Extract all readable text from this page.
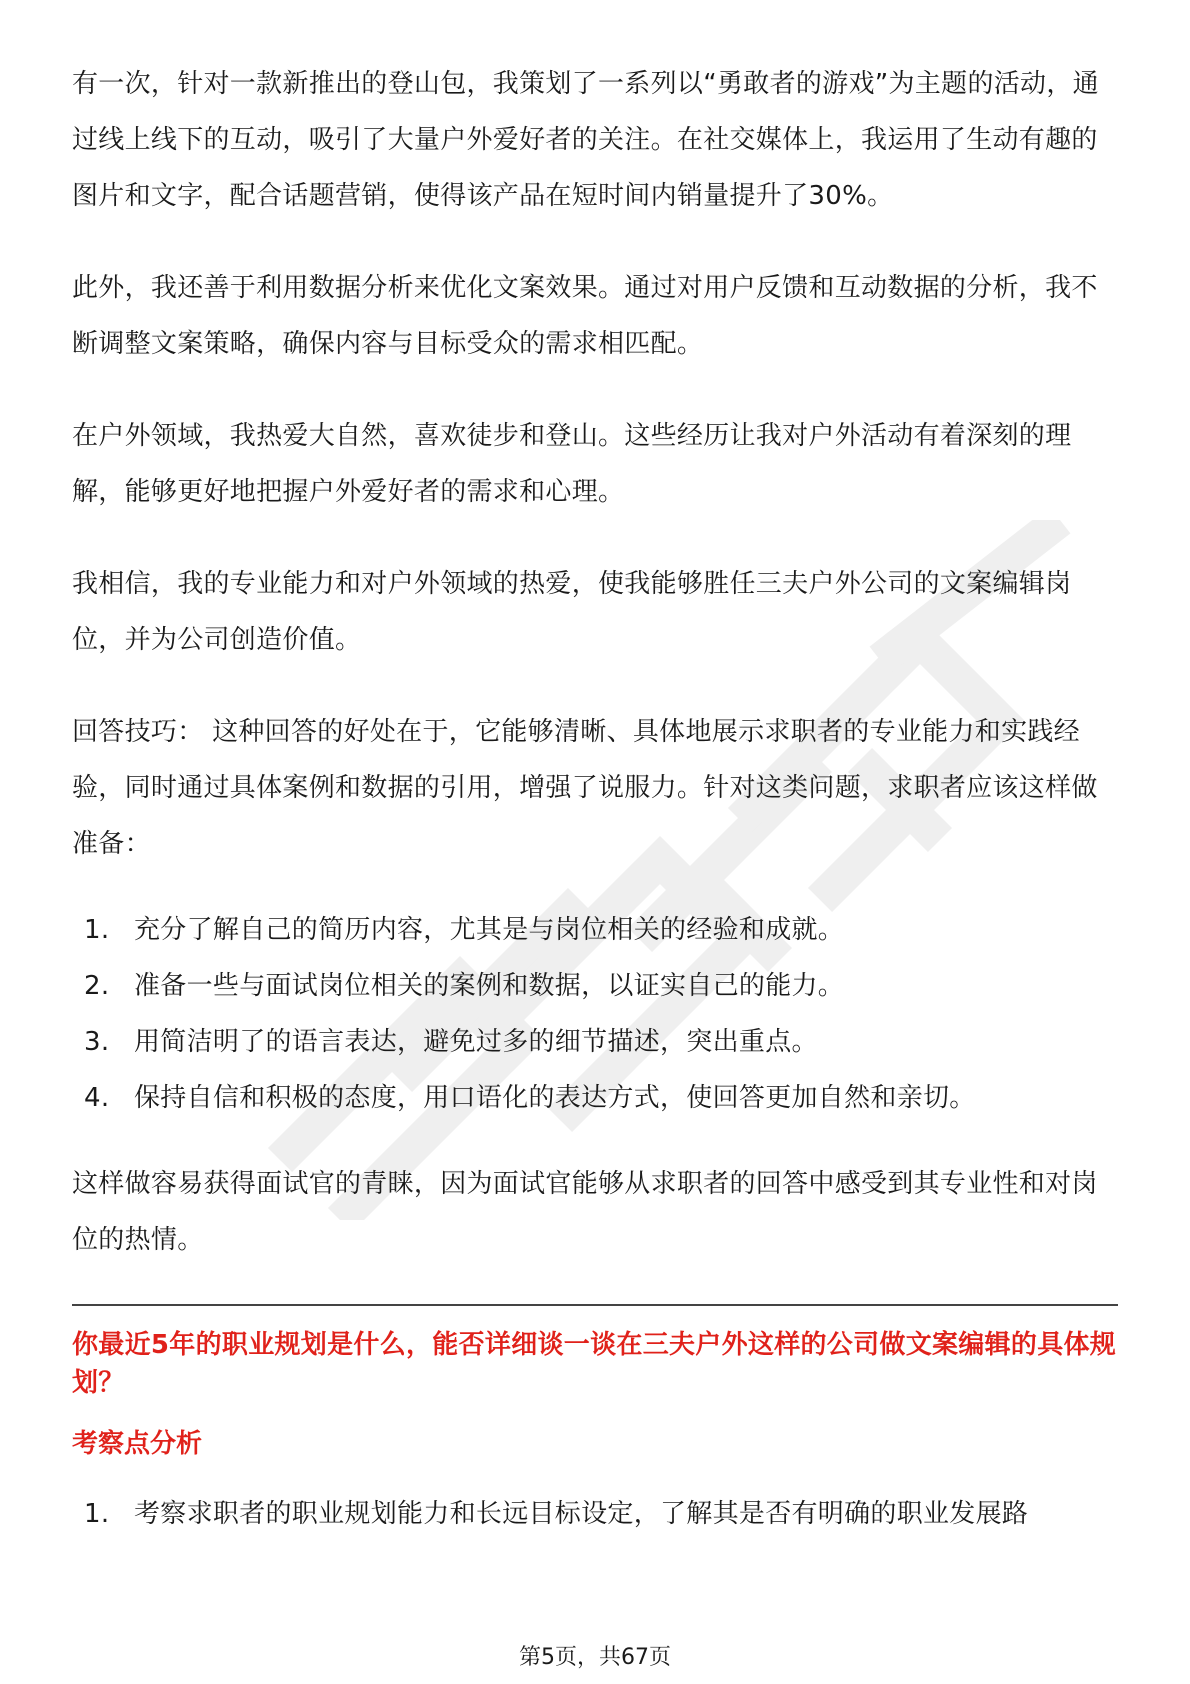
有一次，针对一款新推出的登山包，我策划了一系列以“勇敢者的游戏”为主题的活动，通过线上线下的互动，吸引了大量户外爱好者的关注。在社交媒体上，我运用了生动有趣的图片和文字，配合话题营销，使得该产品在短时间内销量提升了30%。

此外，我还善于利用数据分析来优化文案效果。通过对用户反馈和互动数据的分析，我不断调整文案策略，确保内容与目标受众的需求相匹配。

在户外领域，我热爱大自然，喜欢徒步和登山。这些经历让我对户外活动有着深刻的理解，能够更好地把握户外爱好者的需求和心理。

我相信，我的专业能力和对户外领域的热爱，使我能够胜任三夫户外公司的文案编辑岗位，并为公司创造价值。

回答技巧： 这种回答的好处在于，它能够清晰、具体地展示求职者的专业能力和实践经验，同时通过具体案例和数据的引用，增强了说服力。针对这类问题，求职者应该这样做准备：

1. 充分了解自己的简历内容，尤其是与岗位相关的经验和成就。
2. 准备一些与面试岗位相关的案例和数据，以证实自己的能力。
3. 用简洁明了的语言表达，避免过多的细节描述，突出重点。
4. 保持自信和积极的态度，用口语化的表达方式，使回答更加自然和亲切。

这样做容易获得面试官的青睐，因为面试官能够从求职者的回答中感受到其专业性和对岗位的热情。

你最近5年的职业规划是什么，能否详细谈一谈在三夫户外这样的公司做文案编辑的具体规划？

考察点分析

1. 考察求职者的职业规划能力和长远目标设定，了解其是否有明确的职业发展路
第5页，共67页
